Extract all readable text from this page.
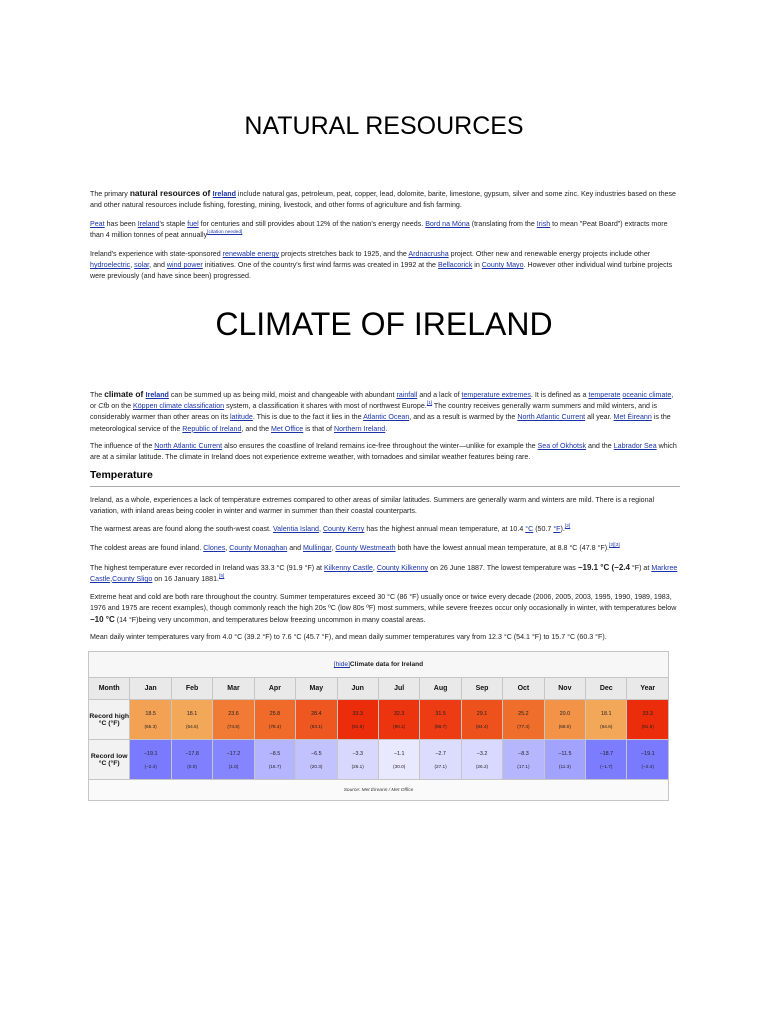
NATURAL RESOURCES

The primary natural resources of Ireland include natural gas, petroleum, peat, copper, lead, dolomite, barite, limestone, gypsum, silver and some zinc. Key industries based on these and other natural resources include fishing, foresting, mining, livestock, and other forms of agriculture and fish farming.

Peat has been Ireland's staple fuel for centuries and still provides about 12% of the nation's energy needs. Bord na Móna (translating from the Irish to mean "Peat Board") extracts more than 4 million tonnes of peat annually[citation needed]

Ireland's experience with state-sponsored renewable energy projects stretches back to 1925, and the Ardnacrusha project. Other new and renewable energy projects include other hydroelectric, solar, and wind power initiatives. One of the country's first wind farms was created in 1992 at the Bellacorick in County Mayo. However other individual wind turbine projects were previously (and have since been) progressed.

CLIMATE OF IRELAND

The climate of Ireland can be summed up as being mild, moist and changeable with abundant rainfall and a lack of temperature extremes. It is defined as a temperate oceanic climate, or Cfb on the Köppen climate classification system, a classification it shares with most of northwest Europe.[1] The country receives generally warm summers and mild winters, and is considerably warmer than other areas on its latitude. This is due to the fact it lies in the Atlantic Ocean, and as a result is warmed by the North Atlantic Current all year. Met Éireann is the meteorological service of the Republic of Ireland, and the Met Office is that of Northern Ireland.

The influence of the North Atlantic Current also ensures the coastline of Ireland remains ice-free throughout the winter—unlike for example the Sea of Okhotsk and the Labrador Sea which are at a similar latitude. The climate in Ireland does not experience extreme weather, with tornadoes and similar weather features being rare.

Temperature

Ireland, as a whole, experiences a lack of temperature extremes compared to other areas of similar latitudes. Summers are generally warm and winters are mild. There is a regional variation, with inland areas being cooler in winter and warmer in summer than their coastal counterparts.

The warmest areas are found along the south-west coast. Valentia Island, County Kerry has the highest annual mean temperature, at 10.4 °C (50.7 °F).[2]

The coldest areas are found inland. Clones, County Monaghan and Mullingar, County Westmeath both have the lowest annual mean temperature, at 8.8 °C (47.8 °F).[2][3]

The highest temperature ever recorded in Ireland was 33.3 °C (91.9 °F) at Kilkenny Castle, County Kilkenny on 26 June 1887. The lowest temperature was −19.1 °C (−2.4 °F) at Markree Castle,County Sligo on 16 January 1881.[5]

Extreme heat and cold are both rare throughout the country. Summer temperatures exceed 30 °C (86 °F) usually once or twice every decade (2006, 2005, 2003, 1995, 1990, 1989, 1983, 1976 and 1975 are recent examples), though commonly reach the high 20s ºC (low 80s ºF) most summers, while severe freezes occur only occasionally in winter, with temperatures below −10 °C (14 °F)being very uncommon, and temperatures below freezing uncommon in many coastal areas.

Mean daily winter temperatures vary from 4.0 °C (39.2 °F) to 7.6 °C (45.7 °F), and mean daily summer temperatures vary from 12.3 °C (54.1 °F) to 15.7 °C (60.3 °F).

[hide]Climate data for Ireland													
Month	Jan	Feb	Mar	Apr	May	Jun	Jul	Aug	Sep	Oct	Nov	Dec	Year
Record high °C (°F)	18.5
(65.3)	18.1
(64.6)	23.6
(74.5)	25.8
(78.4)	28.4
(83.1)	33.3
(91.9)	32.3
(90.1)	31.5
(88.7)	29.1
(84.4)	25.2
(77.4)	20.0
(68.0)	18.1
(64.6)	33.3
(91.9)

Record low °C (°F)	−19.1
(−2.4)	−17.8
(0.0)	−17.2
(1.0)	−8.5
(16.7)	−6.5
(20.3)	−3.3
(26.1)	−1.1
(30.0)	−2.7
(27.1)	−3.2
(26.2)	−8.3
(17.1)	−11.5
(11.3)	−18.7
(−1.7)	−19.1
(−2.4)

Source: Met Éireann / Met Office													
